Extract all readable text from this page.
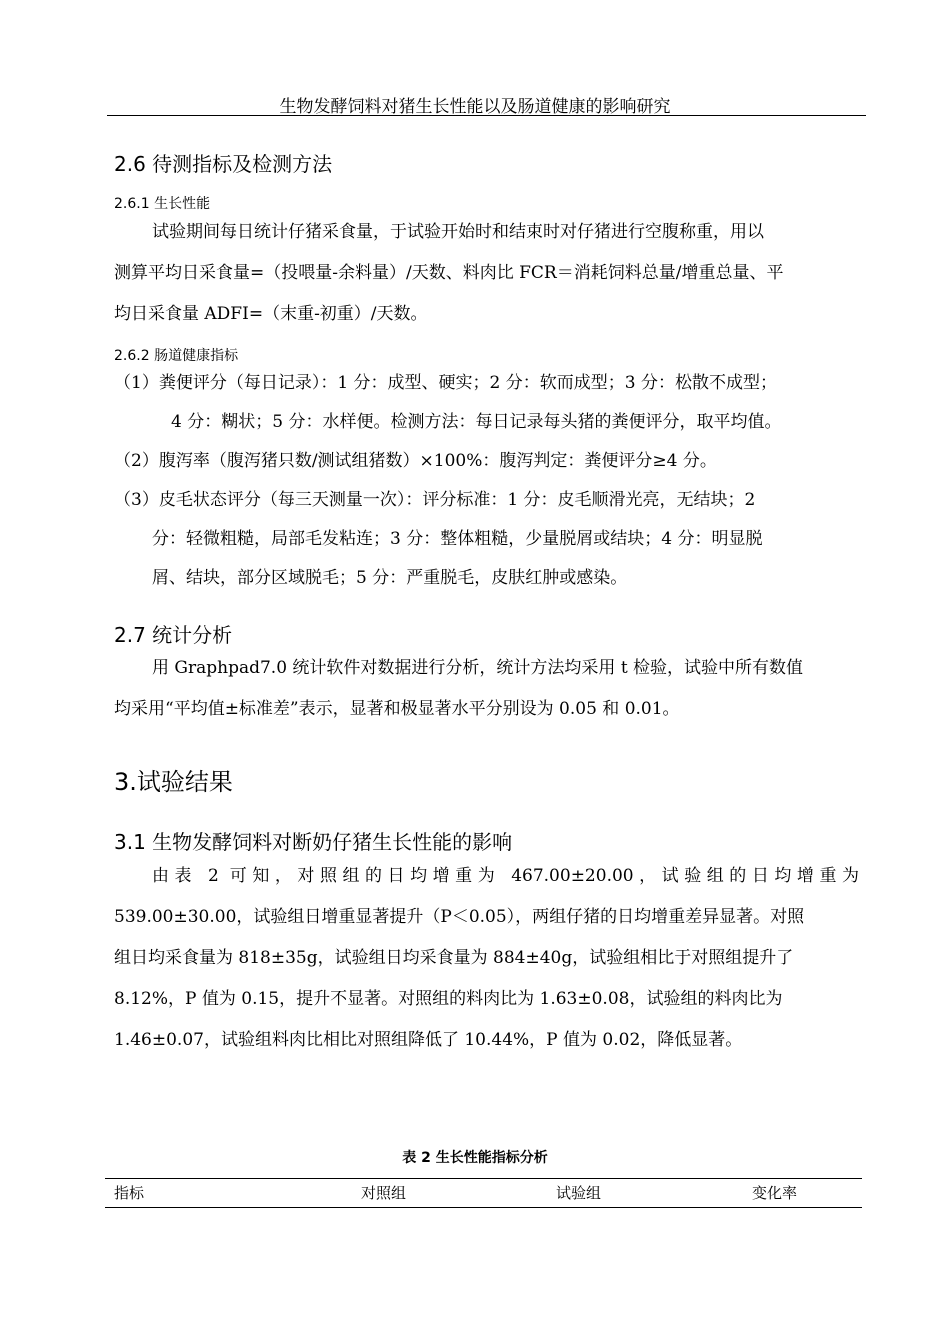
生物发酵饲料对猪生长性能以及肠道健康的影响研究
2.6 待测指标及检测方法
2.6.1 生长性能

试验期间每日统计仔猪采食量，于试验开始时和结束时对仔猪进行空腹称重，用以

测算平均日采食量=（投喂量-余料量）/天数、料肉比 FCR＝消耗饲料总量/增重总量、平

均日采食量 ADFI=（末重-初重）/天数。

2.6.2 肠道健康指标
（1）粪便评分（每日记录）：1 分：成型、硬实；2 分：软而成型；3 分：松散不成型；
4 分：糊状；5 分：水样便。检测方法：每日记录每头猪的粪便评分，取平均值。
（2）腹泻率（腹泻猪只数/测试组猪数）×100%：腹泻判定：粪便评分≥4 分。
（3）皮毛状态评分（每三天测量一次）：评分标准：1 分：皮毛顺滑光亮，无结块；2
分：轻微粗糙，局部毛发粘连；3 分：整体粗糙，少量脱屑或结块；4 分：明显脱
屑、结块，部分区域脱毛；5 分：严重脱毛，皮肤红肿或感染。
2.7 统计分析

用 Graphpad7.0 统计软件对数据进行分析，统计方法均采用 t 检验，试验中所有数值

均采用“平均值±标准差”表示，显著和极显著水平分别设为 0.05 和 0.01。

3.试验结果
3.1 生物发酵饲料对断奶仔猪生长性能的影响

由表 2 可知，对照组的日均增重为 467.00±20.00，试验组的日均增重为

539.00±30.00，试验组日增重显著提升（P＜0.05），两组仔猪的日均增重差异显著。对照

组日均采食量为 818±35g，试验组日均采食量为 884±40g，试验组相比于对照组提升了

8.12%，P 值为 0.15，提升不显著。对照组的料肉比为 1.63±0.08，试验组的料肉比为

1.46±0.07，试验组料肉比相比对照组降低了 10.44%，P 值为 0.02，降低显著。

表 2 生长性能指标分析
指标	对照组	试验组	变化率
